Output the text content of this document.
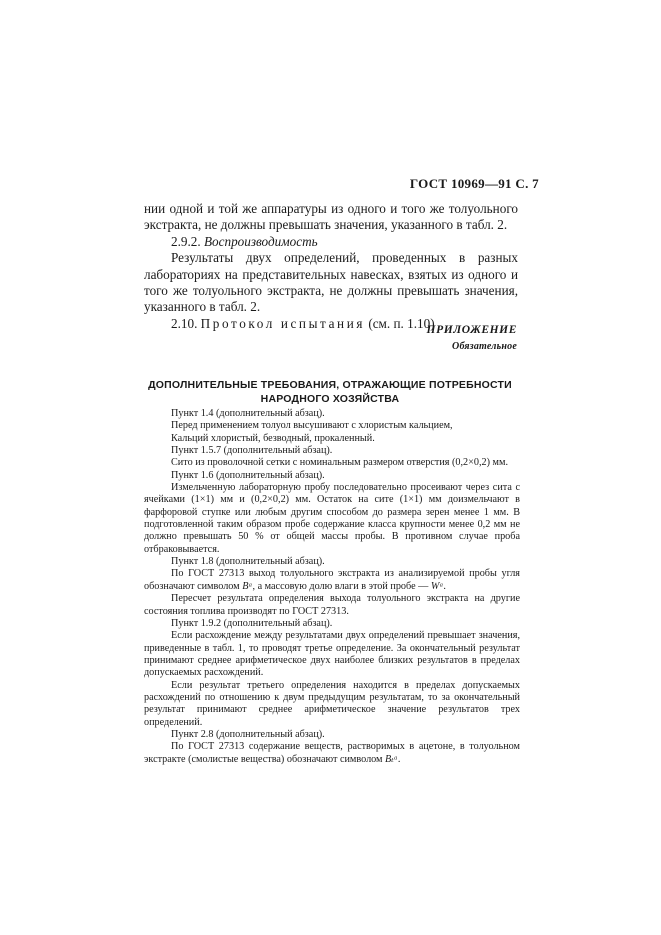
ГОСТ 10969—91 С. 7

нии одной и той же аппаратуры из одного и того же толуольного экстракта, не должны превышать значения, указанного в табл. 2.

2.9.2. Воспроизводимость

Результаты двух определений, проведенных в разных лабораториях на представительных навесках, взятых из одного и того же толуольного экстракта, не должны превышать значения, указанного в табл. 2.

2.10. Протокол испытания (см. п. 1.10)

ПРИЛОЖЕНИЕ
Обязательное
ДОПОЛНИТЕЛЬНЫЕ ТРЕБОВАНИЯ, ОТРАЖАЮЩИЕ ПОТРЕБНОСТИ
НАРОДНОГО ХОЗЯЙСТВА

Пункт 1.4 (дополнительный абзац).

Перед применением толуол высушивают с хлористым кальцием,

Кальций хлористый, безводный, прокаленный.

Пункт 1.5.7 (дополнительный абзац).

Сито из проволочной сетки с номинальным размером отверстия (0,2×0,2) мм.

Пункт 1.6 (дополнительный абзац).

Измельченную лабораторную пробу последовательно просеивают через сита с ячейками (1×1) мм и (0,2×0,2) мм. Остаток на сите (1×1) мм доизмельчают в фарфоровой ступке или любым другим способом до размера зерен менее 1 мм. В подготовленной таким образом пробе содержание класса крупности менее 0,2 мм не должно превышать 50 % от общей массы пробы. В противном случае проба отбраковывается.

Пункт 1.8 (дополнительный абзац).

По ГОСТ 27313 выход толуольного экстракта из анализируемой пробы угля обозначают символом Bᵃ, а массовую долю влаги в этой пробе — Wᵃ.

Пересчет результата определения выхода толуольного экстракта на другие состояния топлива производят по ГОСТ 27313.

Пункт 1.9.2 (дополнительный абзац).

Если расхождение между результатами двух определений превышает значения, приведенные в табл. 1, то проводят третье определение. За окончательный результат принимают среднее арифметическое двух наиболее близких результатов в пределах допускаемых расхождений.

Если результат третьего определения находится в пределах допускаемых расхождений по отношению к двум предыдущим результатам, то за окончательный результат принимают среднее арифметическое значение результатов трех определений.

Пункт 2.8 (дополнительный абзац).

По ГОСТ 27313 содержание веществ, растворимых в ацетоне, в толуольном экстракте (смолистые вещества) обозначают символом Bₜᵃ.
